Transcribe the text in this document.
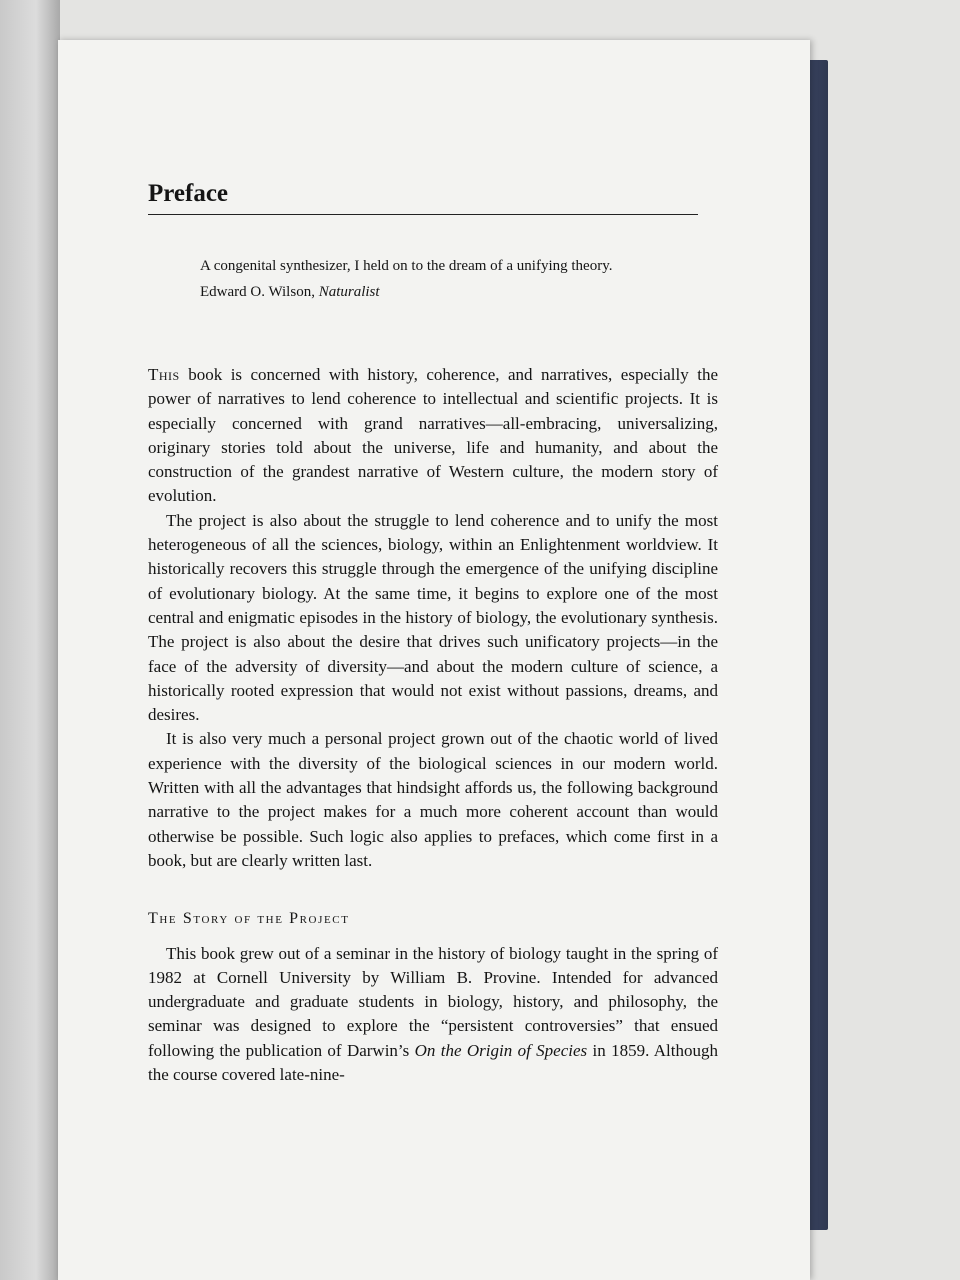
Preface
A congenital synthesizer, I held on to the dream of a unifying theory.
Edward O. Wilson, Naturalist

This book is concerned with history, coherence, and narratives, especially the power of narratives to lend coherence to intellectual and scientific projects. It is especially concerned with grand narratives—all-embracing, universalizing, originary stories told about the universe, life and humanity, and about the construction of the grandest narrative of Western culture, the modern story of evolution.

The project is also about the struggle to lend coherence and to unify the most heterogeneous of all the sciences, biology, within an Enlightenment worldview. It historically recovers this struggle through the emergence of the unifying discipline of evolutionary biology. At the same time, it begins to explore one of the most central and enigmatic episodes in the history of biology, the evolutionary synthesis. The project is also about the desire that drives such unificatory projects—in the face of the adversity of diversity—and about the modern culture of science, a historically rooted expression that would not exist without passions, dreams, and desires.

It is also very much a personal project grown out of the chaotic world of lived experience with the diversity of the biological sciences in our modern world. Written with all the advantages that hindsight affords us, the following background narrative to the project makes for a much more coherent account than would otherwise be possible. Such logic also applies to prefaces, which come first in a book, but are clearly written last.

The Story of the Project

This book grew out of a seminar in the history of biology taught in the spring of 1982 at Cornell University by William B. Provine. Intended for advanced undergraduate and graduate students in biology, history, and philosophy, the seminar was designed to explore the “persistent controversies” that ensued following the publication of Darwin’s On the Origin of Species in 1859. Although the course covered late-nine-
